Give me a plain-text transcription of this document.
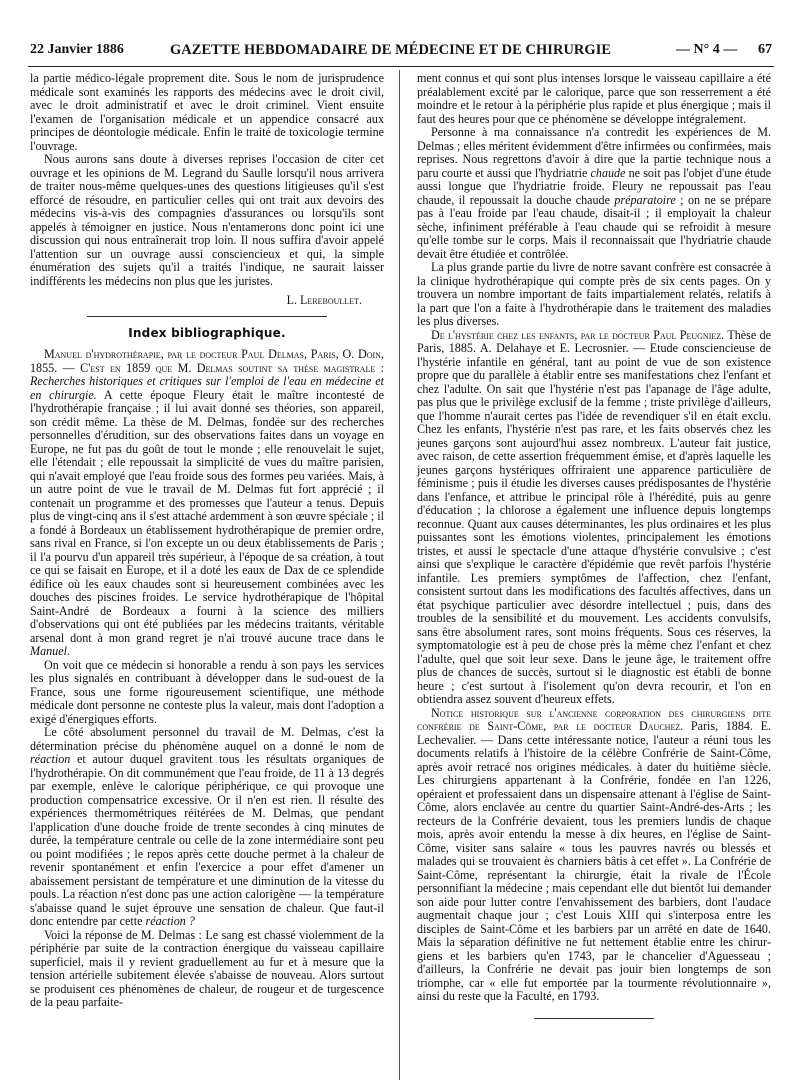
22 Janvier 1886	GAZETTE HEBDOMADAIRE DE MÉDECINE ET DE CHIRURGIE	— N° 4 — 67

la partie médico-légale proprement dite. Sous le nom de jurisprudence médicale sont examinés les rapports des médecins avec le droit civil, avec le droit administratif et avec le droit criminel. Vient ensuite l'examen de l'organisation médicale et un appendice consacré aux principes de déontologie médicale. Enfin le traité de toxicologie termine l'ouvrage.

Nous aurons sans doute à diverses reprises l'occasion de citer cet ouvrage et les opinions de M. Legrand du Saulle lorsqu'il nous arrivera de traiter nous-même quelques-unes des questions litigieuses qu'il s'est efforcé de résoudre, en particulier celles qui ont trait aux devoirs des médecins vis-à-vis des compagnies d'assurances ou lorsqu'ils sont appelés à témoigner en justice. Nous n'entamerons donc point ici une discussion qui nous entraînerait trop loin. Il nous suffira d'avoir appelé l'attention sur un ouvrage aussi consciencieux et qui, la simple énumération des sujets qu'il a traités l'indique, ne saurait laisser indifférents les médecins non plus que les juristes.

L. Lereboullet.
Index bibliographique.

Manuel d'hydrothérapie, par le docteur Paul Delmas, Paris, O. Doin, 1855. — C'est en 1859 que M. Delmas soutint sa thèse magistrale : Recherches historiques et critiques sur l'emploi de l'eau en médecine et en chirurgie. A cette époque Fleury était le maître incontesté de l'hydrothérapie française ; il lui avait donné ses théories, son appareil, son crédit même. La thèse de M. Delmas, fondée sur des recherches personnelles d'érudition, sur des observations faites dans un voyage en Europe, ne fut pas du goût de tout le monde ; elle renouvelait le sujet, elle l'étendait ; elle repoussait la simplicité de vues du maître parisien, qui n'avait employé que l'eau froide sous des formes peu variées. Mais, à un autre point de vue le travail de M. Delmas fut fort apprécié ; il contenait un programme et des promesses que l'auteur a tenus. Depuis plus de vingt-cinq ans il s'est attaché ardemment à son œuvre spéciale ; il a fondé à Bordeaux un établissement hydrothérapique de premier ordre, sans rival en France, si l'on excepte un ou deux établissements de Paris ; il l'a pourvu d'un appareil très supérieur, à l'époque de sa création, à tout ce qui se faisait en Europe, et il a doté les eaux de Dax de ce splendide édifice où les eaux chaudes sont si heureusement combinées avec les douches des piscines froides. Le service hydrothérapique de l'hôpital Saint-André de Bordeaux a fourni à la science des milliers d'observations qui ont été publiées par les médecins traitants, véritable arsenal dont à mon grand regret je n'ai trouvé aucune trace dans le Manuel.

On voit que ce médecin si honorable a rendu à son pays les services les plus signalés en contribuant à développer dans le sud-ouest de la France, sous une forme rigoureusement scientifique, une méthode médicale dont personne ne conteste plus la valeur, mais dont l'adoption a exigé d'énergiques efforts.

Le côté absolument personnel du travail de M. Delmas, c'est la détermination précise du phénomène auquel on a donné le nom de réaction et autour duquel gravitent tous les résultats organiques de l'hydrothérapie. On dit communément que l'eau froide, de 11 à 13 degrés par exemple, enlève le calorique périphérique, ce qui provoque une production compensatrice excessive. Or il n'en est rien. Il résulte des expériences thermométriques réitérées de M. Delmas, que pendant l'application d'une douche froide de trente secondes à cinq minutes de durée, la température centrale ou celle de la zone intermédiaire sont peu ou point modifiées ; le repos après cette douche permet à la chaleur de revenir spontanément et enfin l'exercice a pour effet d'amener un abaissement persistant de température et une diminution de la vitesse du pouls. La réaction n'est donc pas une action calorigène — la température s'abaisse quand le sujet éprouve une sensation de chaleur. Que faut-il donc entendre par cette réaction ?

Voici la réponse de M. Delmas : Le sang est chassé violemment de la périphérie par suite de la contraction énergique du vaisseau capillaire superficiel, mais il y revient graduellement au fur et à mesure que la tension artérielle subitement élevée s'abaisse de nouveau. Alors surtout se produisent ces phénomènes de chaleur, de rougeur et de turgescence de la peau parfaite-

ment connus et qui sont plus intenses lorsque le vaisseau capillaire a été préalablement excité par le calorique, parce que son resserrement a été moindre et le retour à la périphérie plus rapide et plus énergique ; mais il faut des heures pour que ce phénomène se développe intégralement.

Personne à ma connaissance n'a contredit les expériences de M. Delmas ; elles méritent évidemment d'être infirmées ou confirmées, mais reprises. Nous regrettons d'avoir à dire que la partie technique nous a paru courte et aussi que l'hydriatrie chaude ne soit pas l'objet d'une étude aussi longue que l'hydriatrie froide. Fleury ne repoussait pas l'eau chaude, il repoussait la douche chaude préparatoire ; on ne se prépare pas à l'eau froide par l'eau chaude, disait-il ; il employait la chaleur sèche, infiniment préférable à l'eau chaude qui se refroidit à mesure qu'elle tombe sur le corps. Mais il reconnaissait que l'hydriatrie chaude devait être étudiée et contrôlée.

La plus grande partie du livre de notre savant confrère est consacrée à la clinique hydrothérapique qui compte près de six cents pages. On y trouvera un nombre important de faits impartialement relatés, relatifs à la part que l'on a faite à l'hydrothérapie dans le traitement des maladies les plus diverses.

De l'hystérie chez les enfants, par le docteur Paul Peugniez. Thèse de Paris, 1885. A. Delahaye et E. Lecrosnier. — Etude consciencieuse de l'hystérie infantile en général, tant au point de vue de son existence propre que du parallèle à établir entre ses manifestations chez l'enfant et chez l'adulte. On sait que l'hystérie n'est pas l'apanage de l'âge adulte, pas plus que le privilège exclusif de la femme ; triste privilège d'ailleurs, que l'homme n'aurait certes pas l'idée de revendiquer s'il en était exclu. Chez les enfants, l'hystérie n'est pas rare, et les faits observés chez les jeunes garçons sont aujourd'hui assez nombreux. L'auteur fait justice, avec raison, de cette assertion fréquemment émise, et d'après laquelle les jeunes garçons hystériques offriraient une apparence particulière de féminisme ; puis il étudie les diverses causes prédisposantes de l'hystérie dans l'enfance, et attribue le principal rôle à l'hérédité, puis au genre d'éducation ; la chlorose a également une influence depuis longtemps reconnue. Quant aux causes déterminantes, les plus ordinaires et les plus puissantes sont les émotions violentes, principalement les émotions tristes, et aussi le spectacle d'une attaque d'hystérie convulsive ; c'est ainsi que s'explique le caractère d'épidémie que revêt parfois l'hystérie infantile. Les premiers symptômes de l'affection, chez l'enfant, consistent surtout dans les modifications des facultés affectives, dans un état psychique particulier avec désordre intellectuel ; puis, dans des troubles de la sensibilité et du mouvement. Les accidents convulsifs, sans être absolument rares, sont moins fréquents. Sous ces réserves, la symptomatologie est à peu de chose près la même chez l'enfant et chez l'adulte, quel que soit leur sexe. Dans le jeune âge, le traitement offre plus de chances de succès, surtout si le diagnostic est établi de bonne heure ; c'est surtout à l'isolement qu'on devra recourir, et l'on en obtiendra assez souvent d'heureux effets.

Notice historique sur l'ancienne corporation des chirurgiens dite confrérie de Saint-Côme, par le docteur Dauchez. Paris, 1884. E. Lechevalier. — Dans cette intéressante notice, l'auteur a réuni tous les documents relatifs à l'histoire de la célèbre Confrérie de Saint-Côme, après avoir retracé nos origines médicales. à dater du huitième siècle. Les chirurgiens appartenant à la Confrérie, fondée en l'an 1226, opéraient et professaient dans un dispensaire attenant à l'église de Saint-Côme, alors enclavée au centre du quartier Saint-André-des-Arts ; les recteurs de la Confrérie devaient, tous les premiers lundis de chaque mois, après avoir entendu la messe à dix heures, en l'église de Saint-Côme, visiter sans salaire « tous les pauvres navrés ou blessés et malades qui se trouvaient ès charniers bâtis à cet effet ». La Confrérie de Saint-Côme, représentant la chirurgie, était la rivale de l'École personnifiant la médecine ; mais cependant elle dut bientôt lui demander son aide pour lutter contre l'envahissement des barbiers, dont l'audace augmentait chaque jour ; c'est Louis XIII qui s'interposa entre les disciples de Saint-Côme et les barbiers par un arrêté en date de 1640. Mais la séparation définitive ne fut nettement établie entre les chirurgiens et les barbiers qu'en 1743, par le chancelier d'Aguesseau ; d'ailleurs, la Confrérie ne devait pas jouir bien longtemps de son triomphe, car « elle fut emportée par la tourmente révolutionnaire », ainsi du reste que la Faculté, en 1793.
